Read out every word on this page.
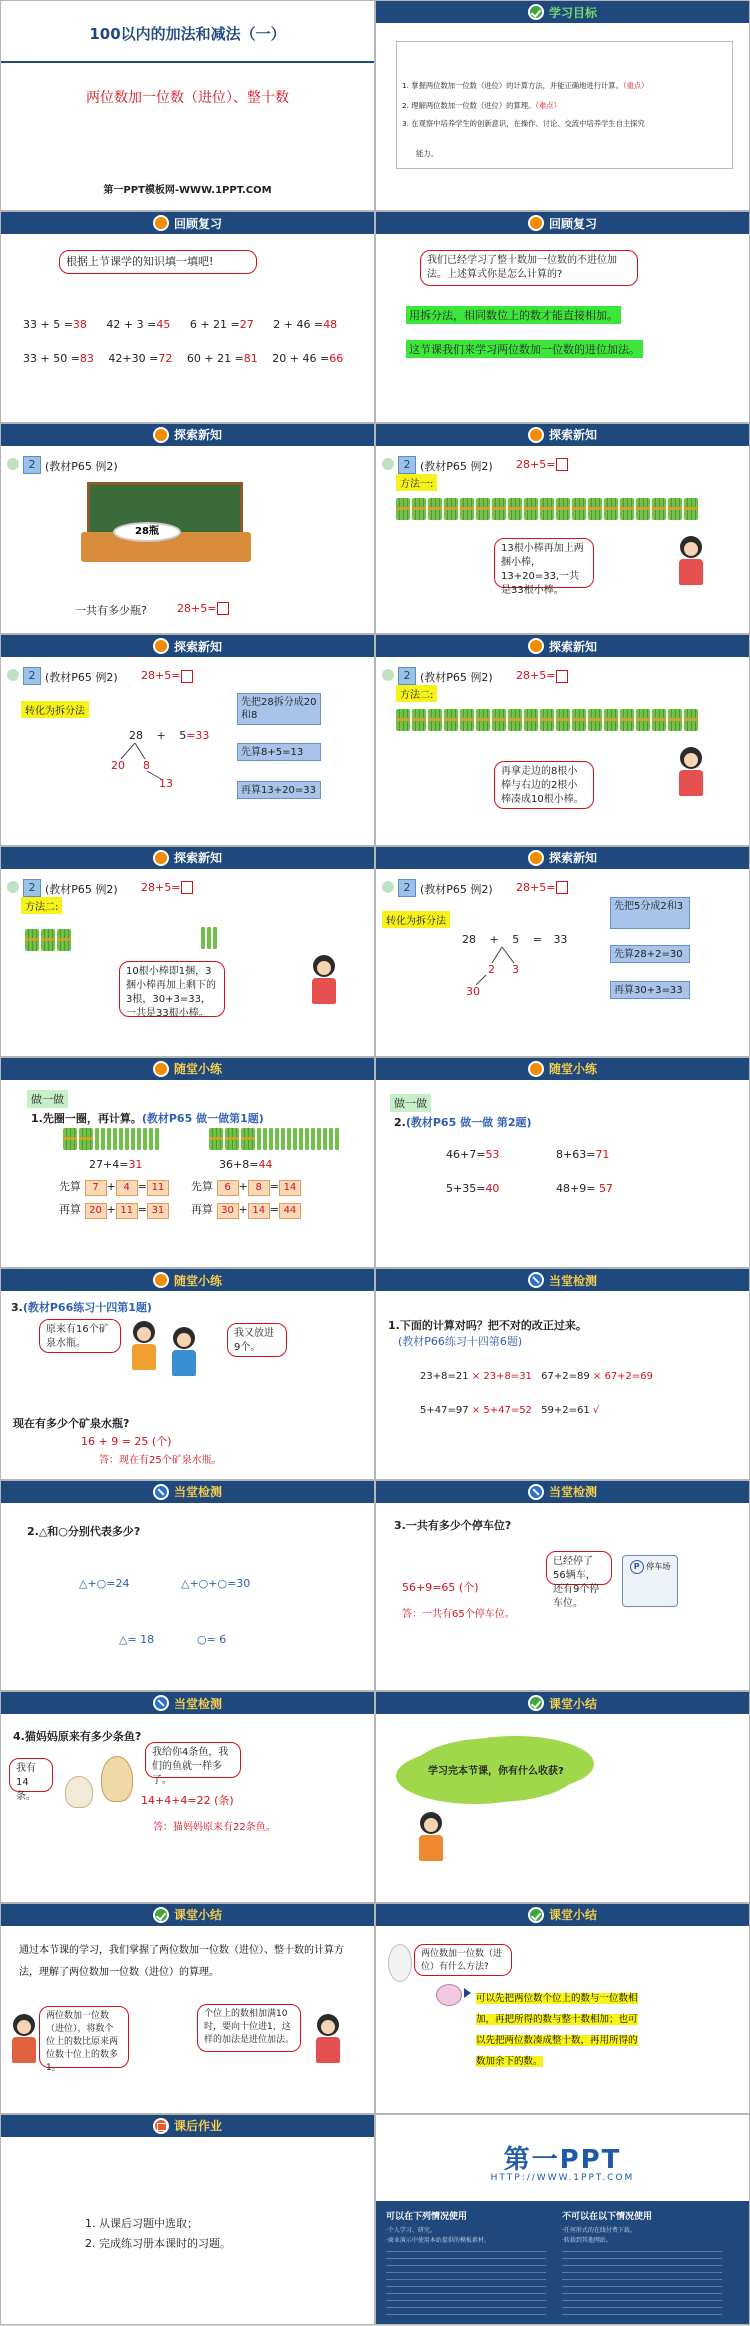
100以内的加法和减法（一）
两位数加一位数（进位）、整十数
第一PPT模板网-WWW.1PPT.COM
学习目标
1. 掌握两位数加一位数（进位）的计算方法，并能正确地进行计算。（重点）
2. 理解两位数加一位数（进位）的算理。（难点）
3. 在观察中培养学生的创新意识，在操作、讨论、交流中培养学生自主探究
能力。
回顾复习
根据上节课学的知识填一填吧!
33 + 5 =38 42 + 3 =45 6 + 21 =27 2 + 46 =48
33 + 50 =83 42+30 =72 60 + 21 =81 20 + 46 =66
回顾复习
我们已经学习了整十数加一位数的不进位加法。上述算式你是怎么计算的?
用拆分法，相同数位上的数才能直接相加。
这节课我们来学习两位数加一位数的进位加法。
探索新知
2 (教材P65 例2)
28瓶
一共有多少瓶?	28+5=
探索新知
2 (教材P65 例2) 28+5=
方法一:
13根小棒再加上两捆小棒，13+20=33,一共是33根小棒。
探索新知
2 (教材P65 例2) 28+5=
转化为拆分法
28 + 5=33
20 8
13
先把28拆分成20和8
先算8+5=13
再算13+20=33
探索新知
2 (教材P65 例2) 28+5=
方法二:
再拿走边的8根小棒与右边的2根小棒凑成10根小棒。
探索新知
2 (教材P65 例2) 28+5=
方法二:
10根小棒即1捆，3捆小棒再加上剩下的3根，30+3=33，一共是33根小棒。
探索新知
2 (教材P65 例2) 28+5=
转化为拆分法
28 + 5 = 33
2 3
30
先把5分成2和3
先算28+2=30
再算30+3=33
随堂小练
做一做
1.先圈一圈，再计算。(教材P65 做一做第1题)
27+4=31
先算 7 + 4 = 11
再算 20 + 11 = 31
36+8=44
先算 6 + 8 = 14
再算 30 + 14 = 44
随堂小练
做一做
2.(教材P65 做一做 第2题)
46+7=53	8+63=71
5+35=40	48+9= 57
随堂小练
3.(教材P66练习十四第1题)
原来有16个矿泉水瓶。
我又放进9个。
现在有多少个矿泉水瓶?
16 + 9 = 25 (个)
答：现在有25个矿泉水瓶。
当堂检测
1.下面的计算对吗？把不对的改正过来。
(教材P66练习十四第6题)
23+8=21 × 23+8=31 67+2=89 × 67+2=69
5+47=97 × 5+47=52 59+2=61 √
当堂检测
2.△和○分别代表多少?
△+○=24	△+○+○=30
△= 18	○= 6
当堂检测
3.一共有多少个停车位?
已经停了56辆车，还有9个停车位。
P 停车场
56+9=65 (个)
答：一共有65个停车位。
当堂检测
4.猫妈妈原来有多少条鱼?
我有14条。
我给你4条鱼，我们的鱼就一样多了。
14+4+4=22 (条)
答：猫妈妈原来有22条鱼。
课堂小结
学习完本节课，你有什么收获?
课堂小结
通过本节课的学习，我们掌握了两位数加一位数（进位）、整十数的计算方法，理解了两位数加一位数（进位）的算理。
两位数加一位数（进位），将数个位上的数比原来两位数十位上的数多1。
个位上的数相加满10时，要向十位进1，这样的加法是进位加法。
课堂小结
两位数加一位数（进位）有什么方法?
可以先把两位数个位上的数与一位数相加，再把所得的数与整十数相加；也可以先把两位数凑成整十数，再用所得的数加余下的数。
课后作业
1. 从课后习题中选取；
2. 完成练习册本课时的习题。
第一PPT
HTTP://WWW.1PPT.COM
可以在下列情况使用	不可以在以下情况使用
·个人学习、研究。	·任何形式的在线付费下载。
·商业演示中使用本站提供的模板素材。	·转载到其他网站。
